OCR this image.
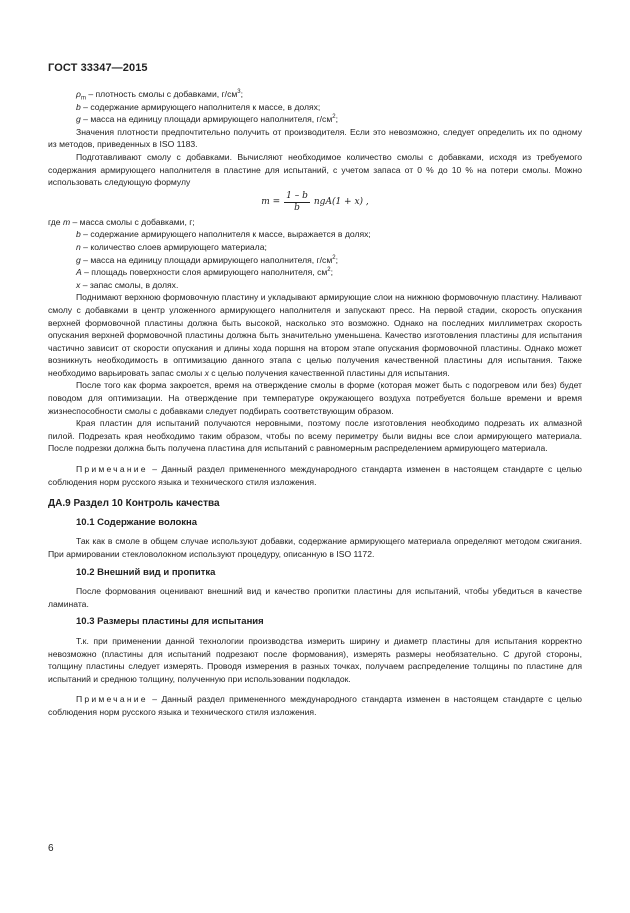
ГОСТ 33347—2015

$\rho_m$ – плотность смолы с добавками, $г/см^3$;

b – содержание армирующего наполнителя к массе, в долях;

g – масса на единицу площади армирующего наполнителя, $г/см^2$;

Значения плотности предпочтительно получить от производителя. Если это невозможно, следует определить их по одному из методов, приведенных в ISO 1183.

Подготавливают смолу с добавками. Вычисляют необходимое количество смолы с добавками, исходя из требуемого содержания армирующего наполнителя в пластине для испытаний, с учетом запаса от 0 % до 10 % на потери смолы. Можно использовать следующую формулу

$m = \frac{1 - b}{b} ngA(1 + x)$ ,

где m – масса смолы с добавками, г;

b – содержание армирующего наполнителя к массе, выражается в долях;

n – количество слоев армирующего материала;

g – масса на единицу площади армирующего наполнителя, $г/см^2$;

A – площадь поверхности слоя армирующего наполнителя, $см^2$;

x – запас смолы, в долях.

Поднимают верхнюю формовочную пластину и укладывают армирующие слои на нижнюю формовочную пластину. Наливают смолу с добавками в центр уложенного армирующего наполнителя и запускают пресс. На первой стадии, скорость опускания верхней формовочной пластины должна быть высокой, насколько это возможно. Однако на последних миллиметрах скорость опускания верхней формовочной пластины должна быть значительно уменьшена. Качество изготовления пластины для испытания частично зависит от скорости опускания и длины хода поршня на втором этапе опускания формовочной пластины. Однако может возникнуть необходимость в оптимизацию данного этапа с целью получения качественной пластины для испытания. Также необходимо варьировать запас смолы x с целью получения качественной пластины для испытания.

После того как форма закроется, время на отверждение смолы в форме (которая может быть с подогревом или без) будет поводом для оптимизации. На отверждение при температуре окружающего воздуха потребуется больше времени и время жизнеспособности смолы с добавками следует подбирать соответствующим образом.

Края пластин для испытаний получаются неровными, поэтому после изготовления необходимо подрезать их алмазной пилой. Подрезать края необходимо таким образом, чтобы по всему периметру были видны все слои армирующего материала. После подрезки должна быть получена пластина для испытаний с равномерным распределением армирующего материала.

Примечание – Данный раздел примененного международного стандарта изменен в настоящем стандарте с целью соблюдения норм русского языка и технического стиля изложения.

ДА.9 Раздел 10 Контроль качества

10.1 Содержание волокна

Так как в смоле в общем случае используют добавки, содержание армирующего материала определяют методом сжигания. При армировании стекловолокном используют процедуру, описанную в ISO 1172.

10.2 Внешний вид и пропитка

После формования оценивают внешний вид и качество пропитки пластины для испытаний, чтобы убедиться в качестве ламината.

10.3 Размеры пластины для испытания

Т.к. при применении данной технологии производства измерить ширину и диаметр пластины для испытания корректно невозможно (пластины для испытаний подрезают после формования), измерять размеры необязательно. С другой стороны, толщину пластины следует измерять. Проводя измерения в разных точках, получаем распределение толщины по пластине для испытаний и среднюю толщину, полученную при использовании подкладок.

Примечание – Данный раздел примененного международного стандарта изменен в настоящем стандарте с целью соблюдения норм русского языка и технического стиля изложения.

6
